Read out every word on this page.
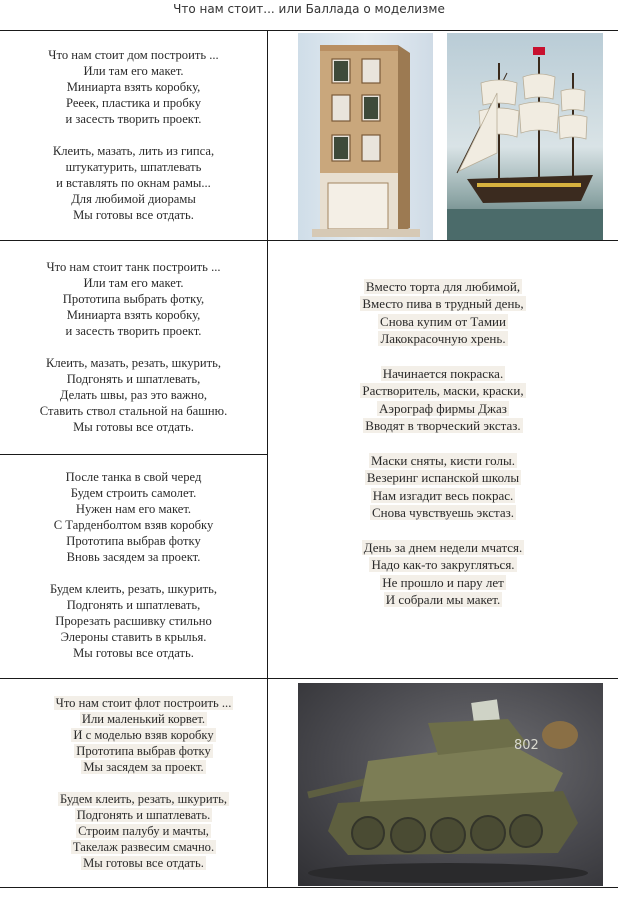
Что нам стоит... или Баллада о моделизме
Что нам стоит дом построить ...
Или там его макет.
Миниарта взять коробку,
Рееек, пластика и пробку
и засесть творить проект.
Клеить, мазать, лить из гипса,
штукатурить, шпатлевать
и вставлять по окнам рамы...
Для любимой диорамы
Мы готовы все отдать.
Что нам стоит танк построить ...
Или там его макет.
Прототипа выбрать фотку,
Миниарта взять коробку,
и засесть творить проект.
Клеить, мазать, резать, шкурить,
Подгонять и шпатлевать,
Делать швы, раз это важно,
Ставить ствол стальной на башню.
Мы готовы все отдать.
После танка в свой черед
Будем строить самолет.
Нужен нам его макет.
С Тарденболтом взяв коробку
Прототипа выбрав фотку
Вновь засядем за проект.
Будем клеить, резать, шкурить,
Подгонять и шпатлевать,
Прорезать расшивку стильно
Элероны ставить в крылья.
Мы готовы все отдать.
Вместо торта для любимой,
Вместо пива в трудный день,
Снова купим от Тамии
Лакокрасочную хрень.
Начинается покраска.
Растворитель, маски, краски,
Аэрограф фирмы Джаз
Вводят в творческий экстаз.
Маски сняты, кисти голы.
Везеринг испанской школы
Нам изгадит весь покрас.
Снова чувствуешь экстаз.
День за днем недели мчатся.
Надо как-то закругляться.
Не прошло и пару лет
И собрали мы макет.
Что нам стоит флот построить ...
Или маленький корвет.
И с моделью взяв коробку
Прототипа выбрав фотку
Мы засядем за проект.
Будем клеить, резать, шкурить,
Подгонять и шпатлевать.
Строим палубу и мачты,
Такелаж развесим смачно.
Мы готовы все отдать.
802
